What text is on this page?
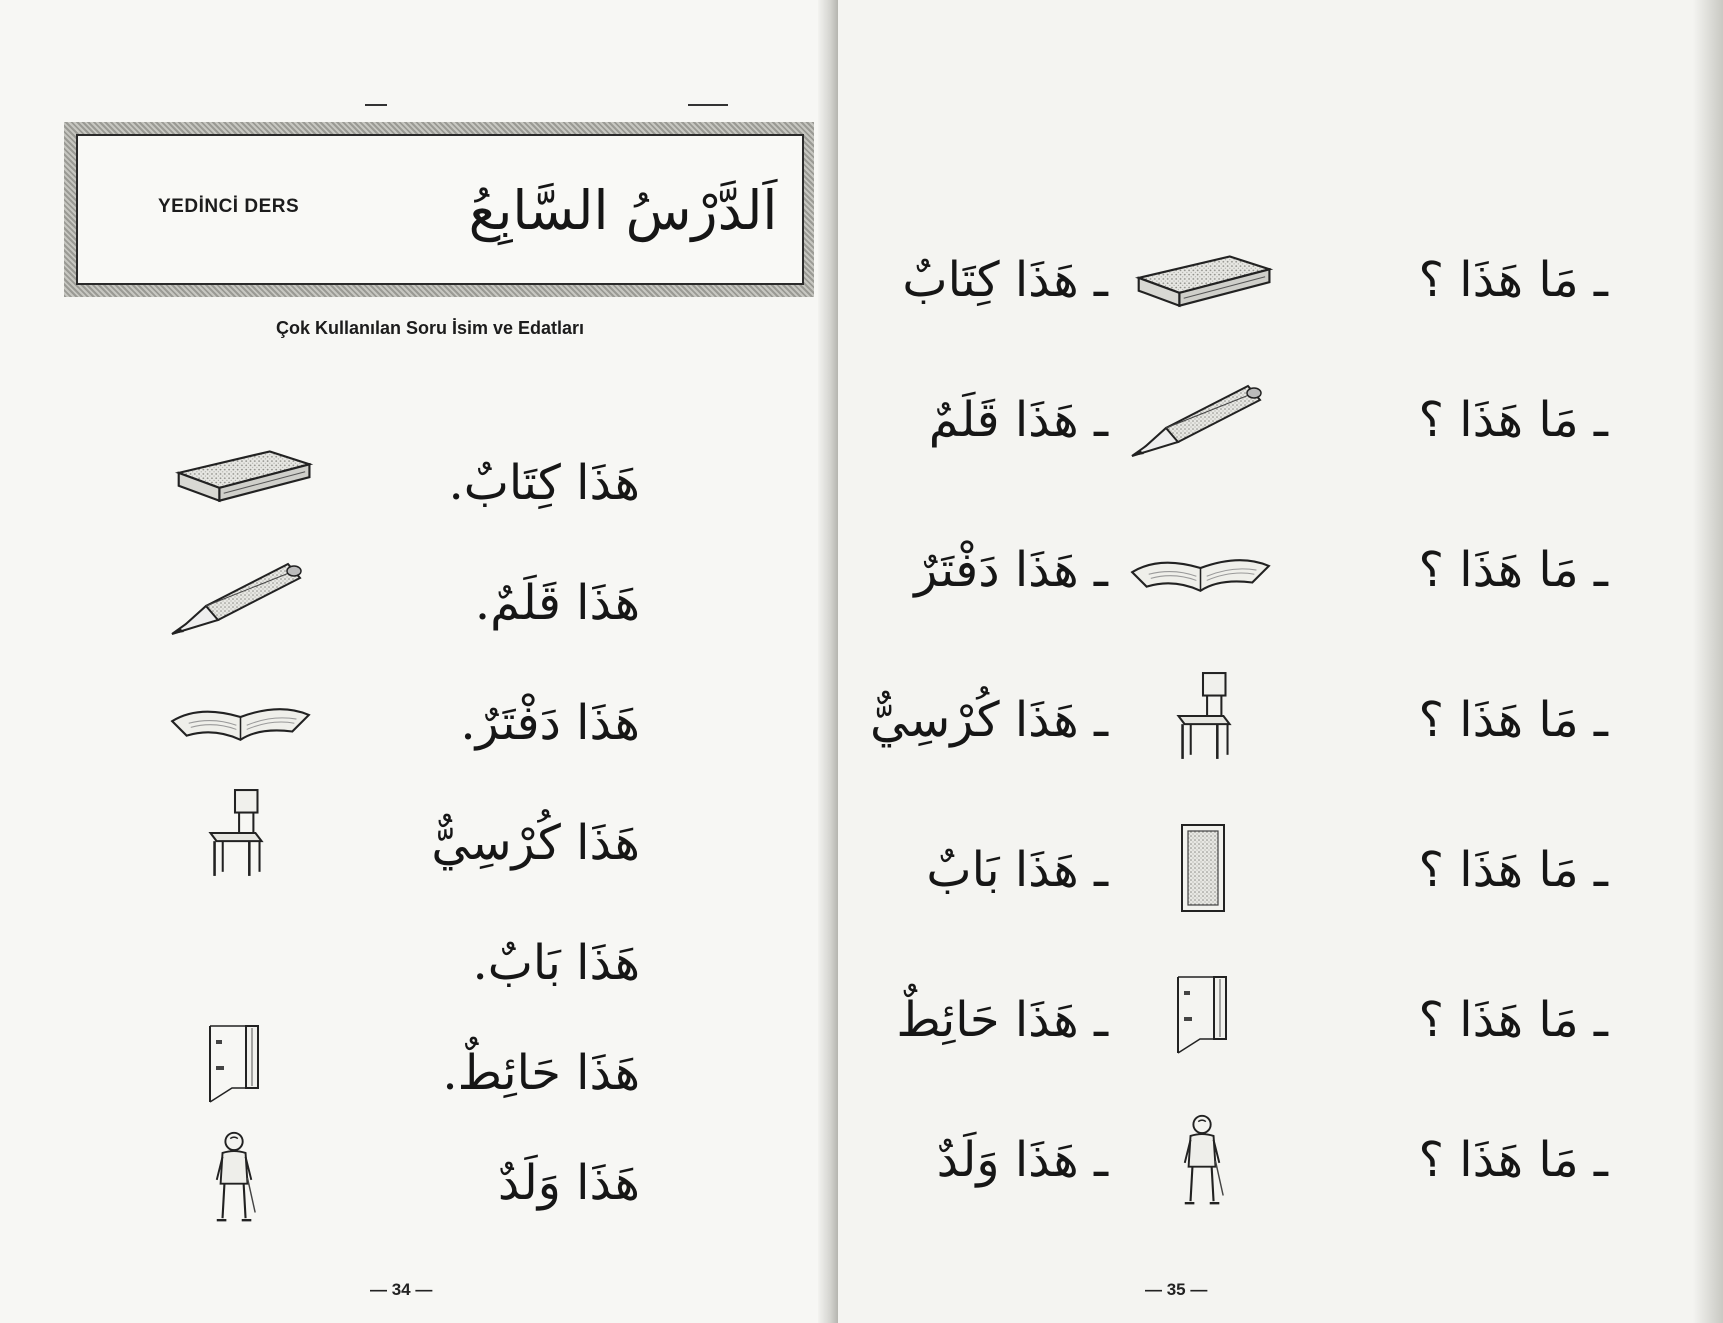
YEDİNCİ DERS	اَلدَّرْسُ السَّابِعُ
Çok Kullanılan Soru İsim ve Edatları
هَذَا كِتَابٌ.
هَذَا قَلَمٌ.
هَذَا دَفْتَرٌ.
هَذَا كُرْسِيٌّ
هَذَا بَابٌ.
هَذَا حَائِطٌ.
هَذَا وَلَدٌ
— 34 —
ـ هَذَا كِتَابٌ	ـ مَا هَذَا ؟
ـ هَذَا قَلَمٌ	ـ مَا هَذَا ؟
ـ هَذَا دَفْتَرٌ	ـ مَا هَذَا ؟
ـ هَذَا كُرْسِيٌّ	ـ مَا هَذَا ؟
ـ هَذَا بَابٌ	ـ مَا هَذَا ؟
ـ هَذَا حَائِطٌ	ـ مَا هَذَا ؟
ـ هَذَا وَلَدٌ	ـ مَا هَذَا ؟
— 35 —
